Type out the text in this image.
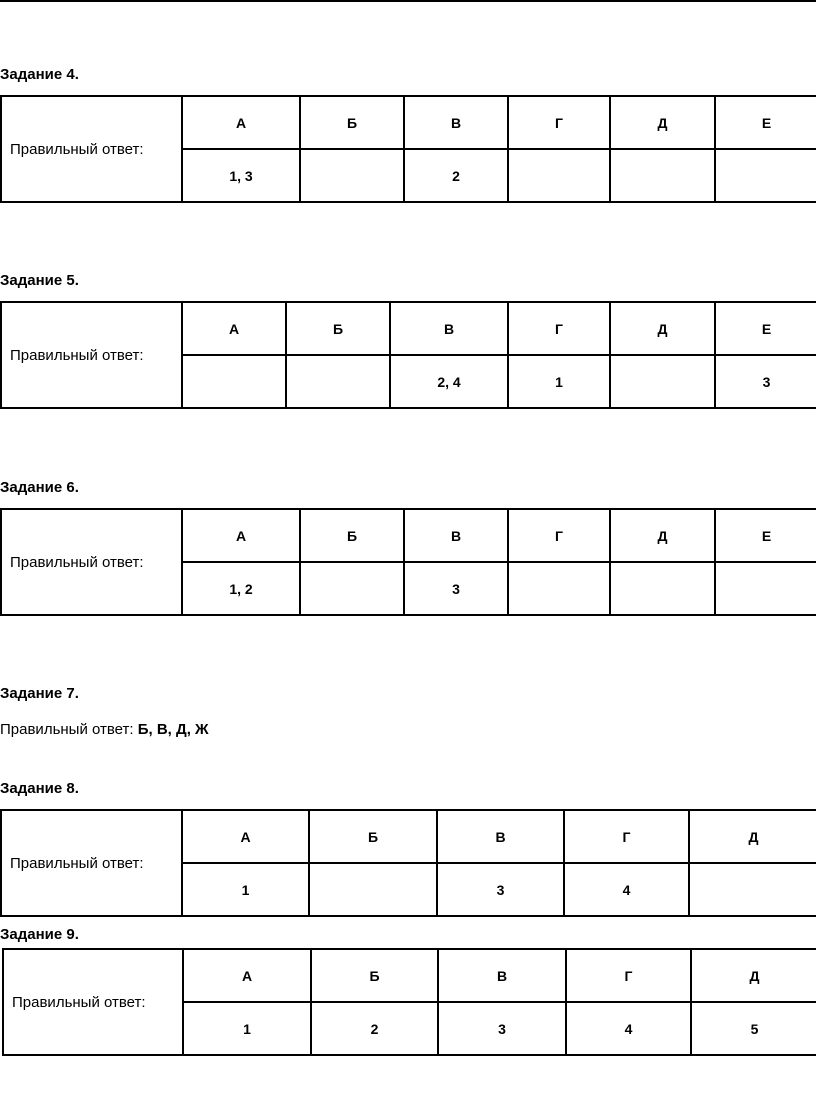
Задание 4.
Правильный ответ:	А	Б	В	Г	Д	Е
	1, 3		2			
Задание 5.
Правильный ответ:	А	Б	В	Г	Д	Е
			2, 4	1		3
Задание 6.
Правильный ответ:	А	Б	В	Г	Д	Е
	1, 2		3			
Задание 7.
Правильный ответ: Б, В, Д, Ж
Задание 8.
Правильный ответ:	А	Б	В	Г	Д
	1		3	4	
Задание 9.
Правильный ответ:	А	Б	В	Г	Д
	1	2	3	4	5
